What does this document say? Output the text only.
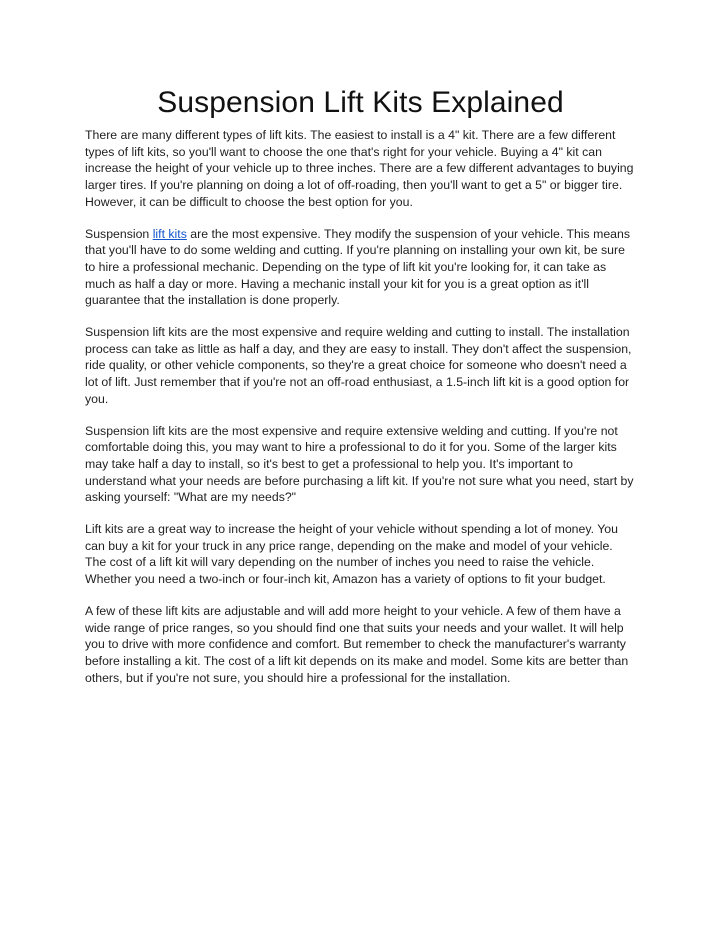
Suspension Lift Kits Explained

There are many different types of lift kits. The easiest to install is a 4" kit. There are a few different types of lift kits, so you'll want to choose the one that's right for your vehicle. Buying a 4" kit can increase the height of your vehicle up to three inches. There are a few different advantages to buying larger tires. If you're planning on doing a lot of off-roading, then you'll want to get a 5" or bigger tire. However, it can be difficult to choose the best option for you.

Suspension lift kits are the most expensive. They modify the suspension of your vehicle. This means that you'll have to do some welding and cutting. If you're planning on installing your own kit, be sure to hire a professional mechanic. Depending on the type of lift kit you're looking for, it can take as much as half a day or more. Having a mechanic install your kit for you is a great option as it'll guarantee that the installation is done properly.

Suspension lift kits are the most expensive and require welding and cutting to install. The installation process can take as little as half a day, and they are easy to install. They don't affect the suspension, ride quality, or other vehicle components, so they're a great choice for someone who doesn't need a lot of lift. Just remember that if you're not an off-road enthusiast, a 1.5-inch lift kit is a good option for you.

Suspension lift kits are the most expensive and require extensive welding and cutting. If you're not comfortable doing this, you may want to hire a professional to do it for you. Some of the larger kits may take half a day to install, so it's best to get a professional to help you. It's important to understand what your needs are before purchasing a lift kit. If you're not sure what you need, start by asking yourself: "What are my needs?"

Lift kits are a great way to increase the height of your vehicle without spending a lot of money. You can buy a kit for your truck in any price range, depending on the make and model of your vehicle. The cost of a lift kit will vary depending on the number of inches you need to raise the vehicle. Whether you need a two-inch or four-inch kit, Amazon has a variety of options to fit your budget.

A few of these lift kits are adjustable and will add more height to your vehicle. A few of them have a wide range of price ranges, so you should find one that suits your needs and your wallet. It will help you to drive with more confidence and comfort. But remember to check the manufacturer's warranty before installing a kit. The cost of a lift kit depends on its make and model. Some kits are better than others, but if you're not sure, you should hire a professional for the installation.
